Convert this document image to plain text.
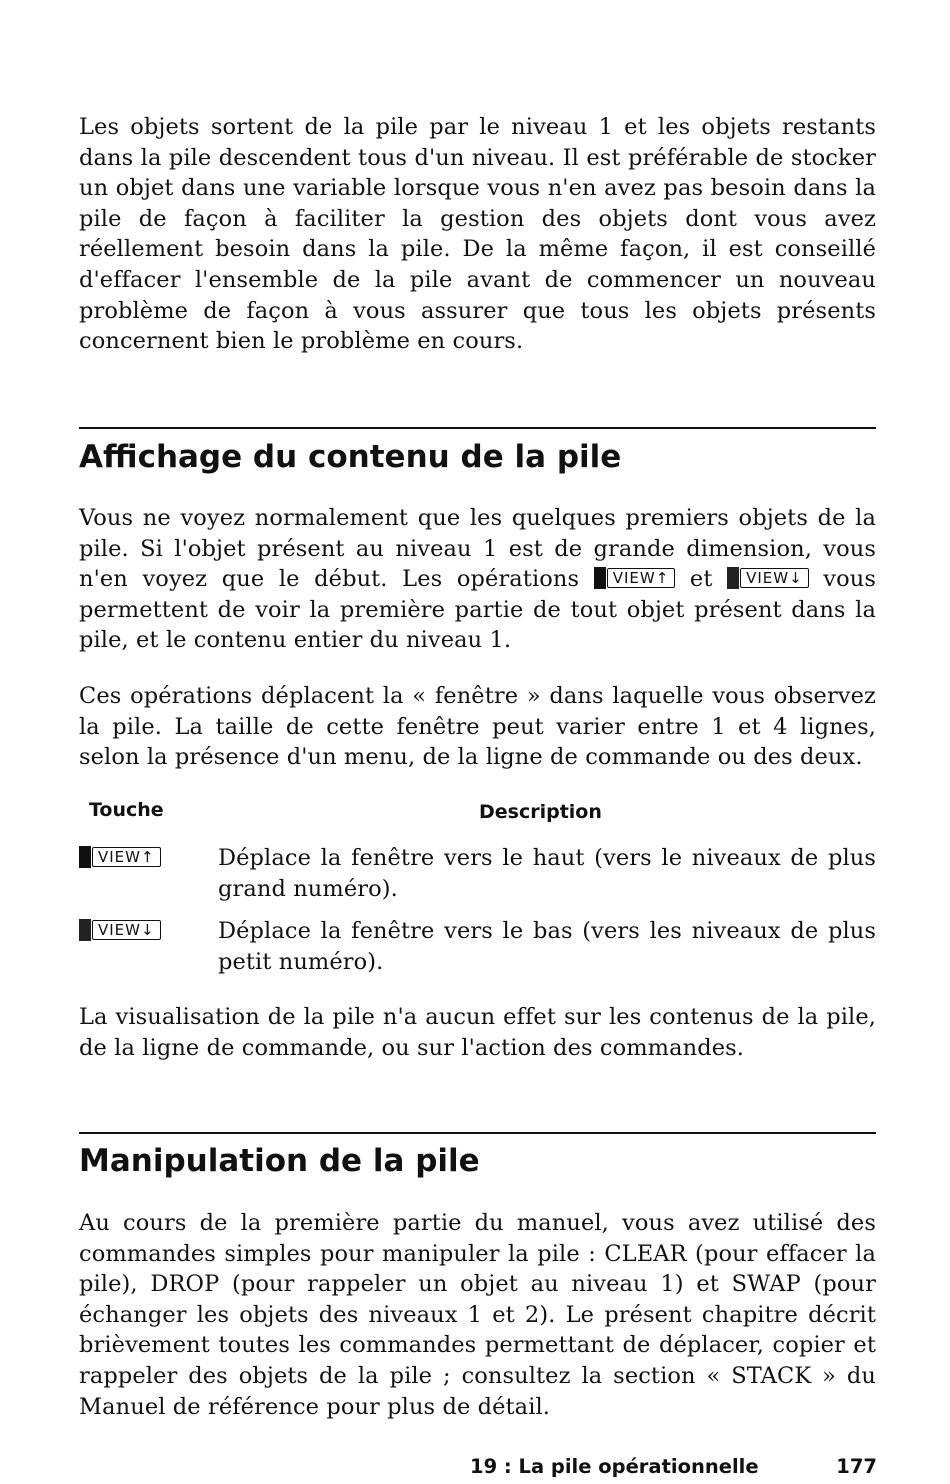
Les objets sortent de la pile par le niveau 1 et les objets restants dans la pile descendent tous d'un niveau. Il est préférable de stocker un objet dans une variable lorsque vous n'en avez pas besoin dans la pile de façon à faciliter la gestion des objets dont vous avez réellement besoin dans la pile. De la même façon, il est conseillé d'effacer l'ensemble de la pile avant de commencer un nouveau problème de façon à vous assurer que tous les objets présents concernent bien le problème en cours.

Affichage du contenu de la pile

Vous ne voyez normalement que les quelques premiers objets de la pile. Si l'objet présent au niveau 1 est de grande dimension, vous n'en voyez que le début. Les opérations	VIEW↑ et	VIEW↓ vous permettent de voir la première partie de tout objet présent dans la pile, et le contenu entier du niveau 1.

Ces opérations déplacent la « fenêtre » dans laquelle vous observez la pile. La taille de cette fenêtre peut varier entre 1 et 4 lignes, selon la présence d'un menu, de la ligne de commande ou des deux.

Touche	Description
VIEW↑	Déplace la fenêtre vers le haut (vers le niveaux de plus grand numéro).

VIEW↓	Déplace la fenêtre vers le bas (vers les niveaux de plus petit numéro).

La visualisation de la pile n'a aucun effet sur les contenus de la pile, de la ligne de commande, ou sur l'action des commandes.

Manipulation de la pile

Au cours de la première partie du manuel, vous avez utilisé des commandes simples pour manipuler la pile : CLEAR (pour effacer la pile), DROP (pour rappeler un objet au niveau 1) et SWAP (pour échanger les objets des niveaux 1 et 2). Le présent chapitre décrit brièvement toutes les commandes permettant de déplacer, copier et rappeler des objets de la pile ; consultez la section « STACK » du Manuel de référence pour plus de détail.

19 : La pile opérationnelle	177
